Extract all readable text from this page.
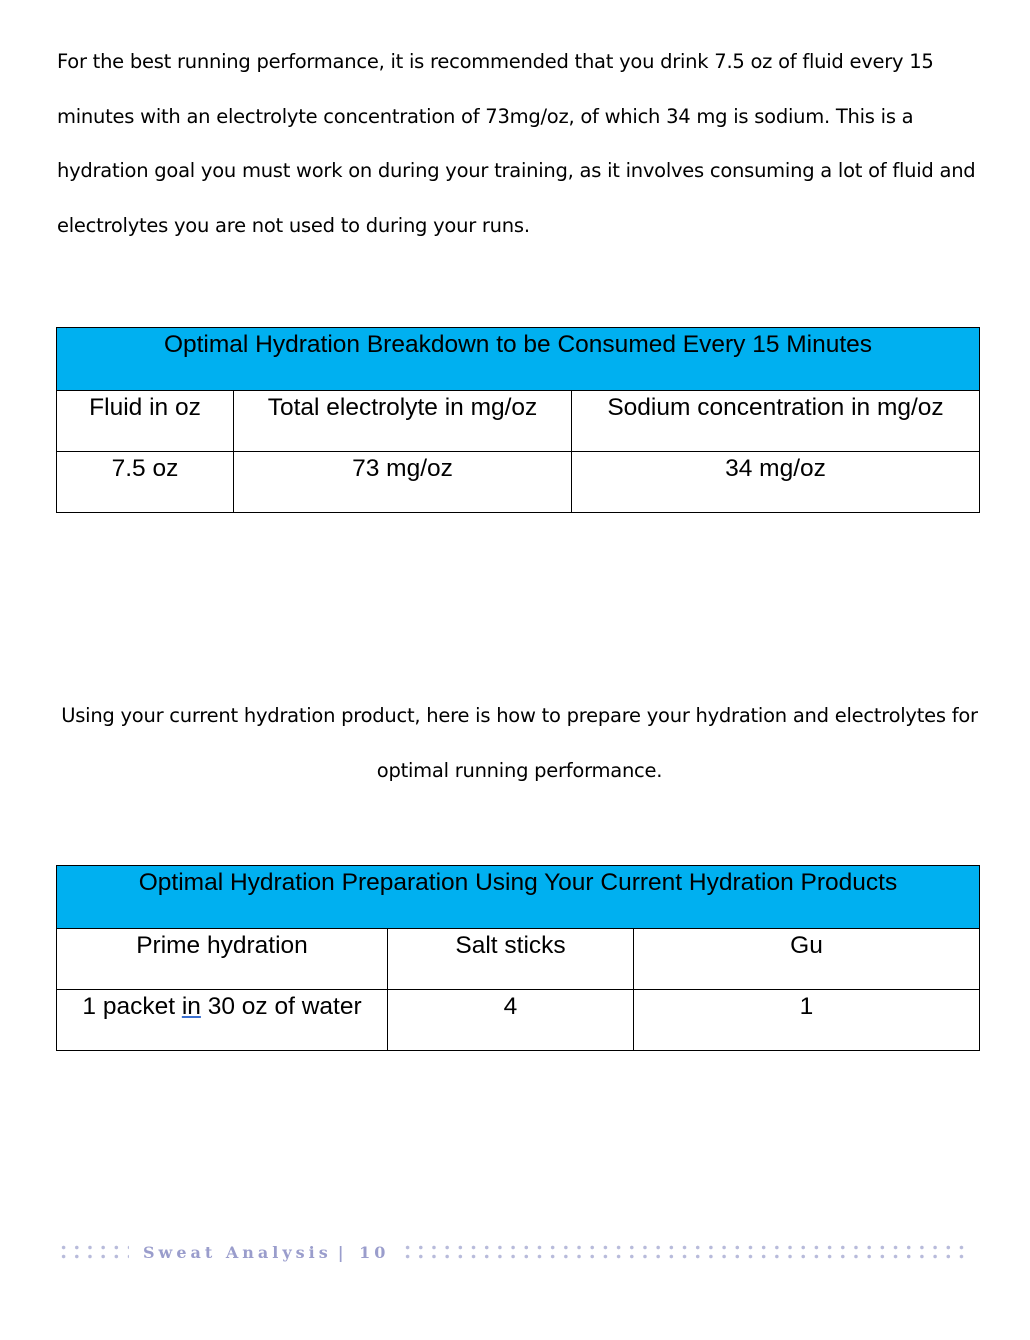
For the best running performance, it is recommended that you drink 7.5 oz of fluid every 15 minutes with an electrolyte concentration of 73mg/oz, of which 34 mg is sodium. This is a hydration goal you must work on during your training, as it involves consuming a lot of fluid and electrolytes you are not used to during your runs.

Optimal Hydration Breakdown to be Consumed Every 15 Minutes		

Fluid in oz	Total electrolyte in mg/oz	Sodium concentration in mg/oz

7.5 oz	73 mg/oz	34 mg/oz

Using your current hydration product, here is how to prepare your hydration and electrolytes for optimal running performance.

Optimal Hydration Preparation Using Your Current Hydration Products		

Prime hydration	Salt sticks	Gu

1 packet in 30 oz of water	4	1
Sweat Analysis | 10
